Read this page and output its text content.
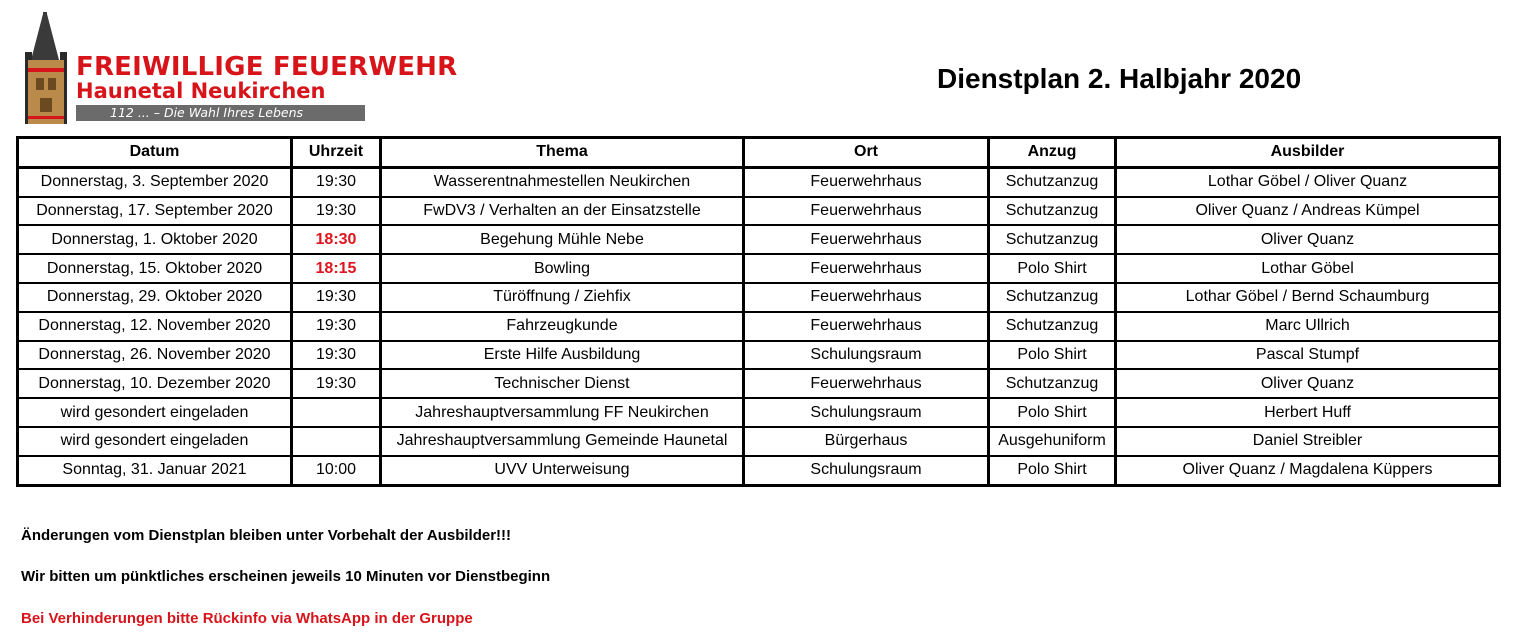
FREIWILLIGE FEUERWEHR
Haunetal Neukirchen
112 ... – Die Wahl Ihres Lebens
Dienstplan 2. Halbjahr 2020
Datum	Uhrzeit	Thema	Ort	Anzug	Ausbilder
Donnerstag, 3. September 2020	19:30	Wasserentnahmestellen Neukirchen	Feuerwehrhaus	Schutzanzug	Lothar Göbel / Oliver Quanz
Donnerstag, 17. September 2020	19:30	FwDV3 / Verhalten an der Einsatzstelle	Feuerwehrhaus	Schutzanzug	Oliver Quanz / Andreas Kümpel
Donnerstag, 1. Oktober 2020	18:30	Begehung Mühle Nebe	Feuerwehrhaus	Schutzanzug	Oliver Quanz
Donnerstag, 15. Oktober 2020	18:15	Bowling	Feuerwehrhaus	Polo Shirt	Lothar Göbel
Donnerstag, 29. Oktober 2020	19:30	Türöffnung / Ziehfix	Feuerwehrhaus	Schutzanzug	Lothar Göbel / Bernd Schaumburg
Donnerstag, 12. November 2020	19:30	Fahrzeugkunde	Feuerwehrhaus	Schutzanzug	Marc Ullrich
Donnerstag, 26. November 2020	19:30	Erste Hilfe Ausbildung	Schulungsraum	Polo Shirt	Pascal Stumpf
Donnerstag, 10. Dezember 2020	19:30	Technischer Dienst	Feuerwehrhaus	Schutzanzug	Oliver Quanz
wird gesondert eingeladen		Jahreshauptversammlung FF Neukirchen	Schulungsraum	Polo Shirt	Herbert Huff
wird gesondert eingeladen		Jahreshauptversammlung Gemeinde Haunetal	Bürgerhaus	Ausgehuniform	Daniel Streibler
Sonntag, 31. Januar 2021	10:00	UVV Unterweisung	Schulungsraum	Polo Shirt	Oliver Quanz / Magdalena Küppers
Änderungen vom Dienstplan bleiben unter Vorbehalt der Ausbilder!!!
Wir bitten um pünktliches erscheinen jeweils 10 Minuten vor Dienstbeginn
Bei Verhinderungen bitte Rückinfo via WhatsApp in der Gruppe
